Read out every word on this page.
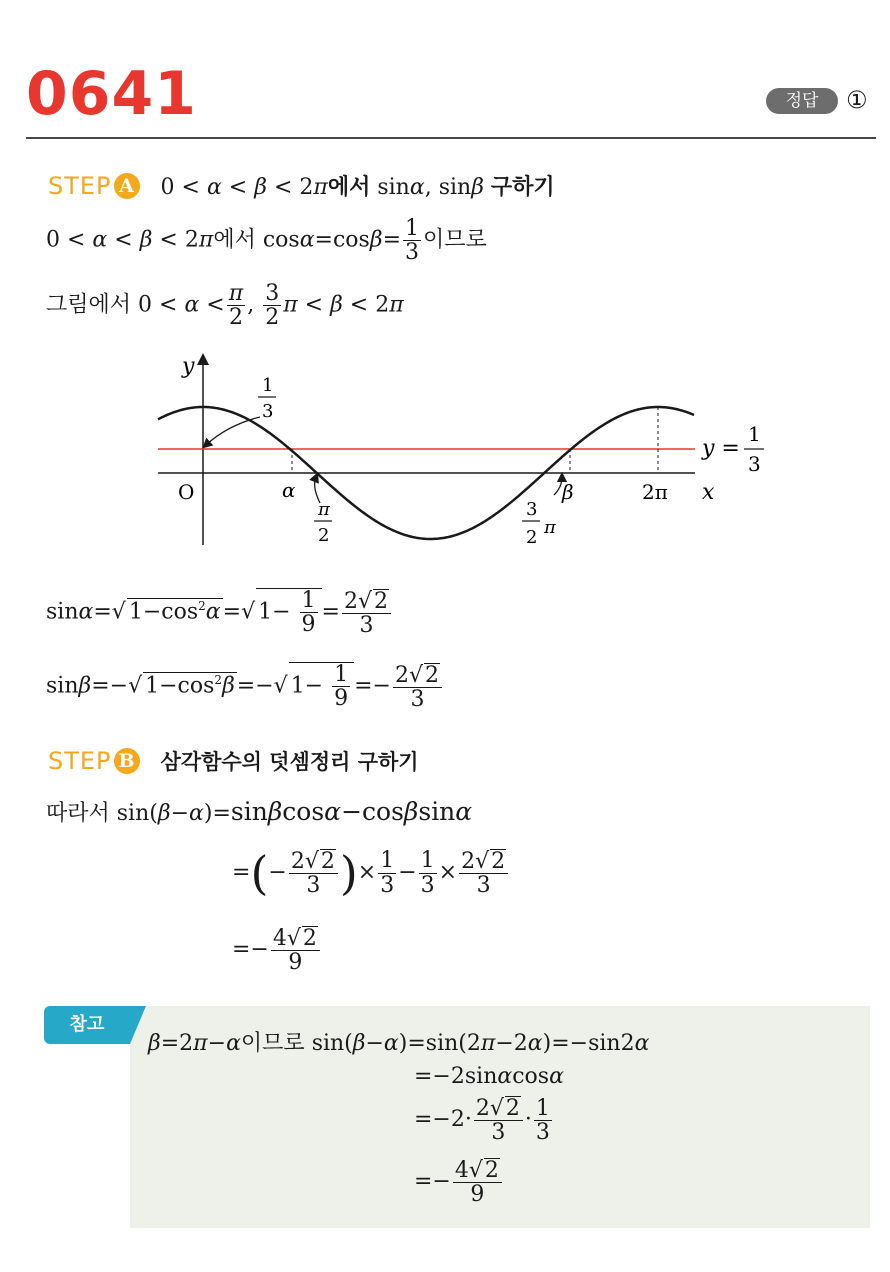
0641	정답	①
STEP A 0 < α < β < 2π에서 sinα, sinβ 구하기
0 < α < β < 2π에서 $\cos\alpha=\cos\beta= \frac{1}{3}$ 이므로
그림에서 $0 < \alpha < \frac{\pi}{2}$ , $\frac{3}{2}$ π < β < 2π
y
x
O	α	β	2π
1
3
π
2
3
2 π
y =
1
3
sinα=√ $1-\cos^2\alpha=√$ $1- \frac{1}{9} = \frac{2√2}{3}$
sinβ=−√ $1-\cos^2\beta=-√$ $1- \frac{1}{9} =- \frac{2√2}{3}$
STEP B 삼각함수의 덧셈정리 구하기
따라서 sin(β−α)=sinβcosα−cosβsinα
=(− $\frac{2√2}{3}$ )× $\frac{1}{3} - \frac{1}{3} \times \frac{2√2}{3}$
=− $\frac{4√2}{9}$
참고
β=2π−α이므로 sin(β−α)=sin(2π−2α)=−sin2α
=−2sinαcosα
$=-2\cdot \frac{2√2}{3} \cdot \frac{1}{3}$
=− $\frac{4√2}{9}$
